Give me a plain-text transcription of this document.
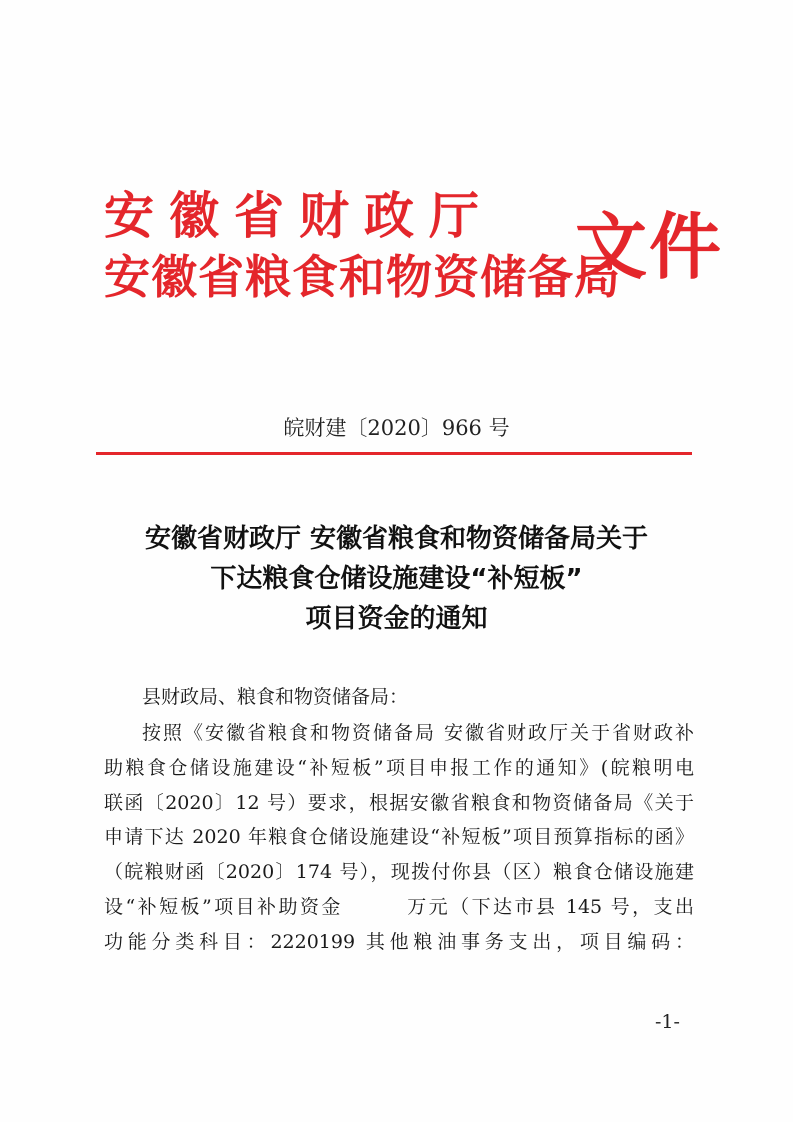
安徽省财政厅
安徽省粮食和物资储备局
文件
皖财建〔2020〕966 号
安徽省财政厅 安徽省粮食和物资储备局关于
下达粮食仓储设施建设“补短板”
项目资金的通知
县财政局、粮食和物资储备局：
按照《安徽省粮食和物资储备局 安徽省财政厅关于省财政补
助粮食仓储设施建设“补短板”项目申报工作的通知》(皖粮明电
联函〔2020〕12 号）要求，根据安徽省粮食和物资储备局《关于
申请下达 2020 年粮食仓储设施建设“补短板”项目预算指标的函》
（皖粮财函〔2020〕174 号），现拨付你县（区）粮食仓储设施建
设“补短板”项目补助资金　　　万元（下达市县 145 号，支出
功能分类科目：2220199 其他粮油事务支出，项目编码：
-1-
